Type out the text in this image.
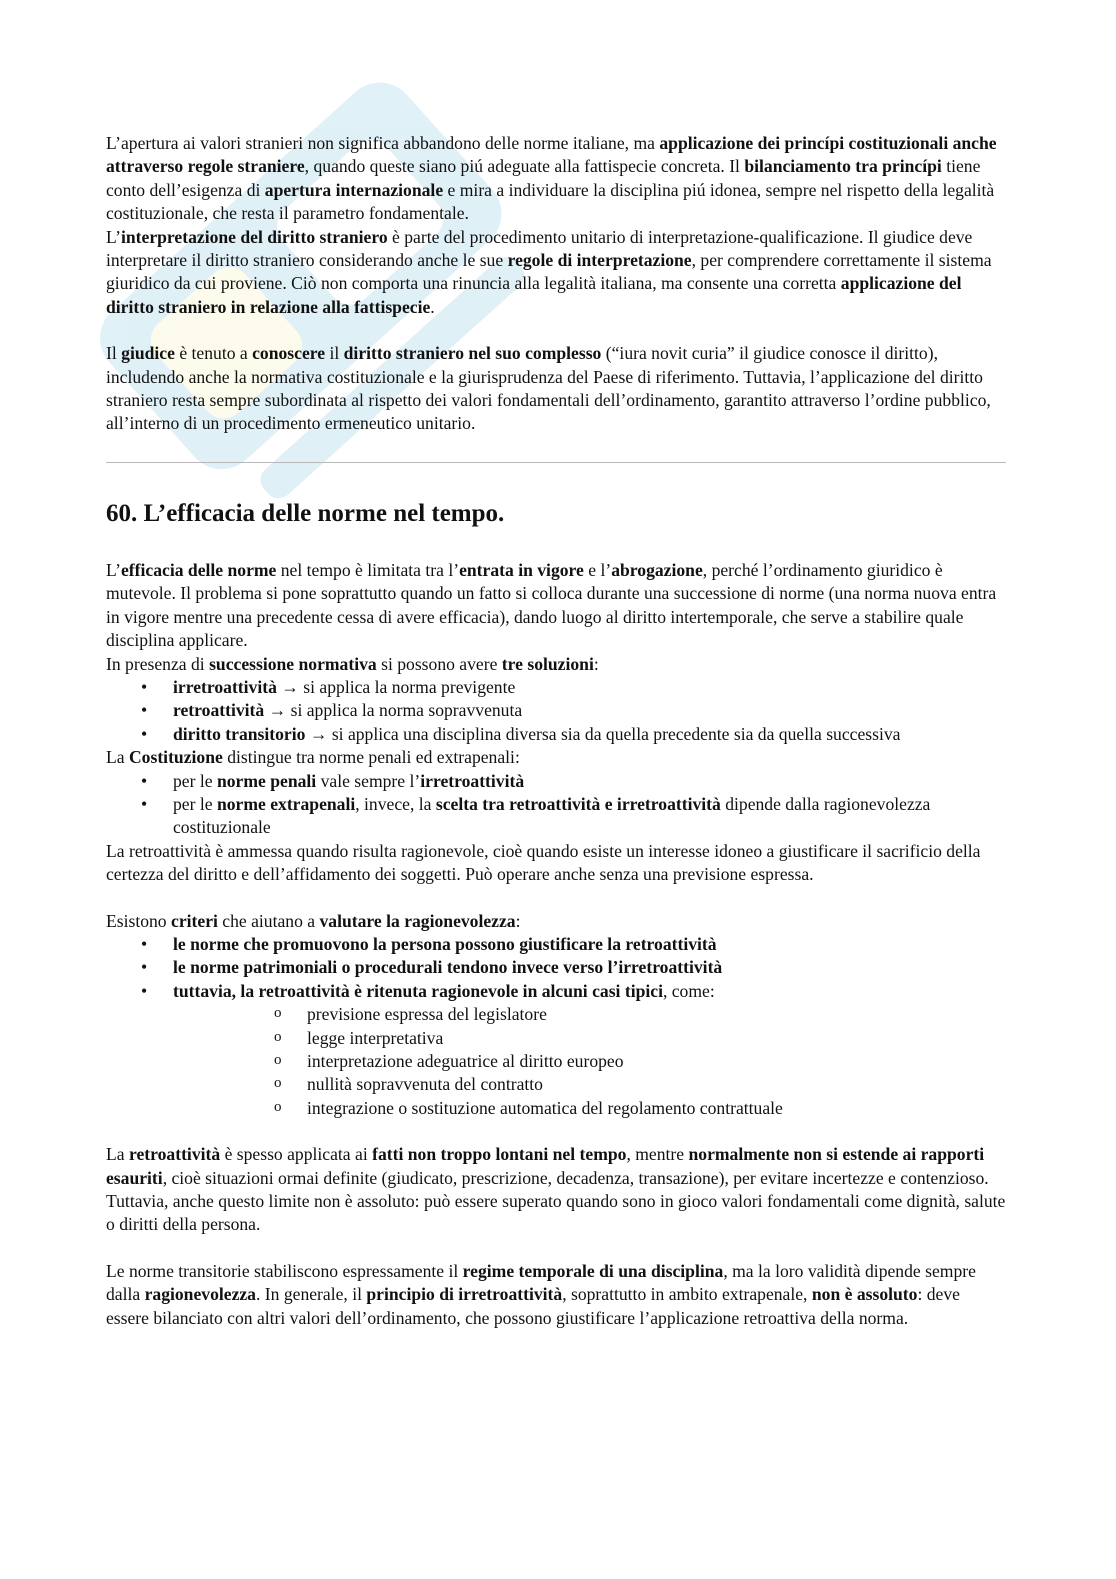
L’apertura ai valori stranieri non significa abbandono delle norme italiane, ma applicazione dei princípi costituzionali anche attraverso regole straniere, quando queste siano piú adeguate alla fattispecie concreta. Il bilanciamento tra princípi tiene conto dell’esigenza di apertura internazionale e mira a individuare la disciplina piú idonea, sempre nel rispetto della legalità costituzionale, che resta il parametro fondamentale.

L’interpretazione del diritto straniero è parte del procedimento unitario di interpretazione-qualificazione. Il giudice deve interpretare il diritto straniero considerando anche le sue regole di interpretazione, per comprendere correttamente il sistema giuridico da cui proviene. Ciò non comporta una rinuncia alla legalità italiana, ma consente una corretta applicazione del diritto straniero in relazione alla fattispecie.

Il giudice è tenuto a conoscere il diritto straniero nel suo complesso (“iura novit curia” il giudice conosce il diritto), includendo anche la normativa costituzionale e la giurisprudenza del Paese di riferimento. Tuttavia, l’applicazione del diritto straniero resta sempre subordinata al rispetto dei valori fondamentali dell’ordinamento, garantito attraverso l’ordine pubblico, all’interno di un procedimento ermeneutico unitario.

60. L’efficacia delle norme nel tempo.

L’efficacia delle norme nel tempo è limitata tra l’entrata in vigore e l’abrogazione, perché l’ordinamento giuridico è mutevole. Il problema si pone soprattutto quando un fatto si colloca durante una successione di norme (una norma nuova entra in vigore mentre una precedente cessa di avere efficacia), dando luogo al diritto intertemporale, che serve a stabilire quale disciplina applicare.

In presenza di successione normativa si possono avere tre soluzioni:

• irretroattività → si applica la norma previgente
• retroattività → si applica la norma sopravvenuta
• diritto transitorio → si applica una disciplina diversa sia da quella precedente sia da quella successiva

La Costituzione distingue tra norme penali ed extrapenali:

• per le norme penali vale sempre l’irretroattività
• per le norme extrapenali, invece, la scelta tra retroattività e irretroattività dipende dalla ragionevolezza costituzionale

La retroattività è ammessa quando risulta ragionevole, cioè quando esiste un interesse idoneo a giustificare il sacrificio della certezza del diritto e dell’affidamento dei soggetti. Può operare anche senza una previsione espressa.

Esistono criteri che aiutano a valutare la ragionevolezza:

• le norme che promuovono la persona possono giustificare la retroattività
• le norme patrimoniali o procedurali tendono invece verso l’irretroattività
• tuttavia, la retroattività è ritenuta ragionevole in alcuni casi tipici, come:
o previsione espressa del legislatore
o legge interpretativa
o interpretazione adeguatrice al diritto europeo
o nullità sopravvenuta del contratto
o integrazione o sostituzione automatica del regolamento contrattuale

La retroattività è spesso applicata ai fatti non troppo lontani nel tempo, mentre normalmente non si estende ai rapporti esauriti, cioè situazioni ormai definite (giudicato, prescrizione, decadenza, transazione), per evitare incertezze e contenzioso. Tuttavia, anche questo limite non è assoluto: può essere superato quando sono in gioco valori fondamentali come dignità, salute o diritti della persona.

Le norme transitorie stabiliscono espressamente il regime temporale di una disciplina, ma la loro validità dipende sempre dalla ragionevolezza. In generale, il principio di irretroattività, soprattutto in ambito extrapenale, non è assoluto: deve essere bilanciato con altri valori dell’ordinamento, che possono giustificare l’applicazione retroattiva della norma.
